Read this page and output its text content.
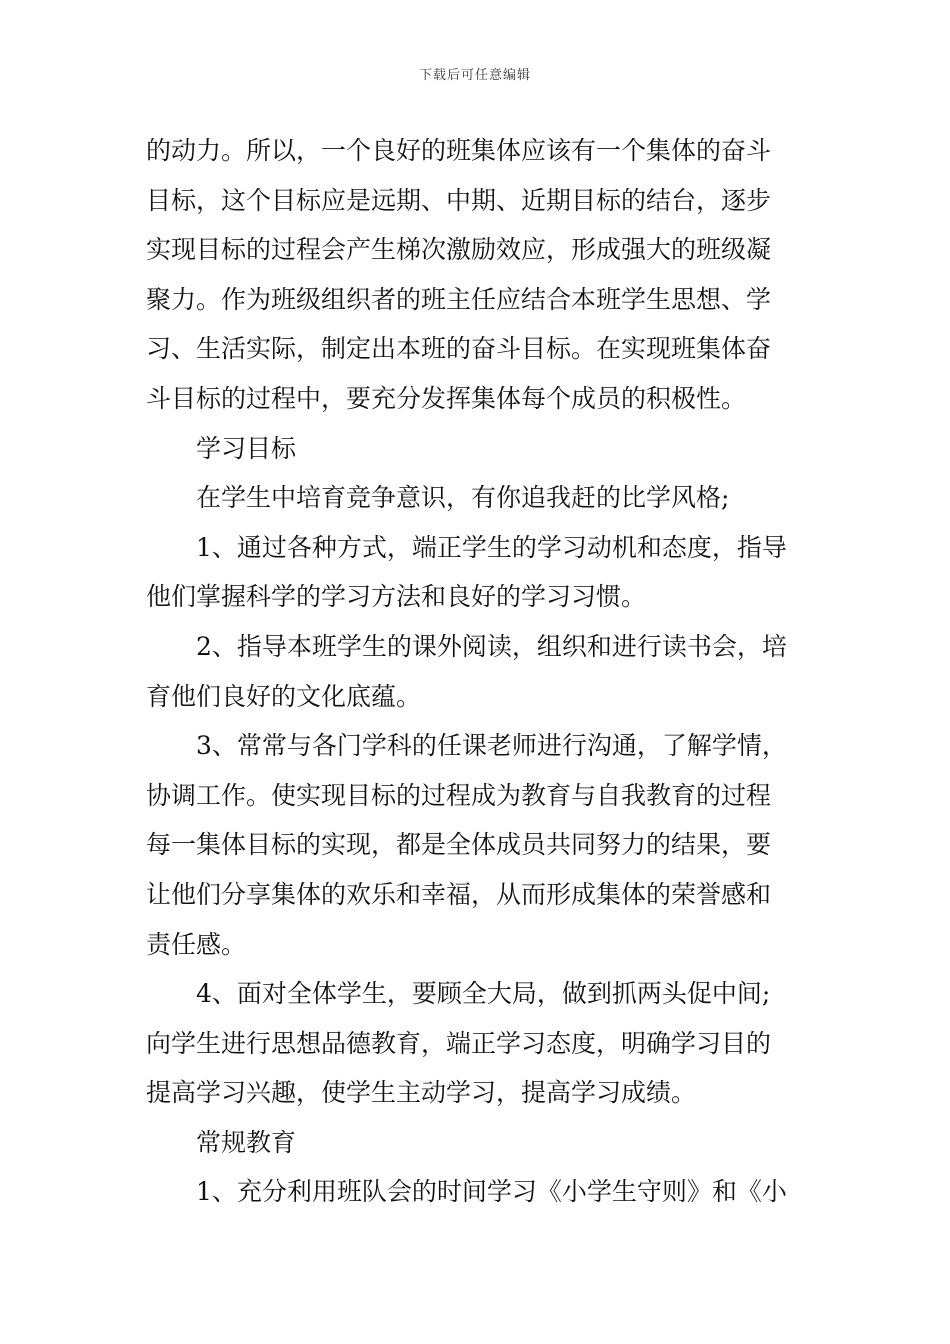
下载后可任意编辑
的动力。所以，一个良好的班集体应该有一个集体的奋斗
目标，这个目标应是远期、中期、近期目标的结台，逐步
实现目标的过程会产生梯次激励效应，形成强大的班级凝
聚力。作为班级组织者的班主任应结合本班学生思想、学
习、生活实际，制定出本班的奋斗目标。在实现班集体奋
斗目标的过程中，要充分发挥集体每个成员的积极性。
学习目标
在学生中培育竞争意识，有你追我赶的比学风格;
1、通过各种方式，端正学生的学习动机和态度，指导
他们掌握科学的学习方法和良好的学习习惯。
2、指导本班学生的课外阅读，组织和进行读书会，培
育他们良好的文化底蕴。
3、常常与各门学科的任课老师进行沟通，了解学情，
协调工作。使实现目标的过程成为教育与自我教育的过程
每一集体目标的实现，都是全体成员共同努力的结果，要
让他们分享集体的欢乐和幸福，从而形成集体的荣誉感和
责任感。
4、面对全体学生，要顾全大局，做到抓两头促中间;
向学生进行思想品德教育，端正学习态度，明确学习目的
提高学习兴趣，使学生主动学习，提高学习成绩。
常规教育
1、充分利用班队会的时间学习《小学生守则》和《小
